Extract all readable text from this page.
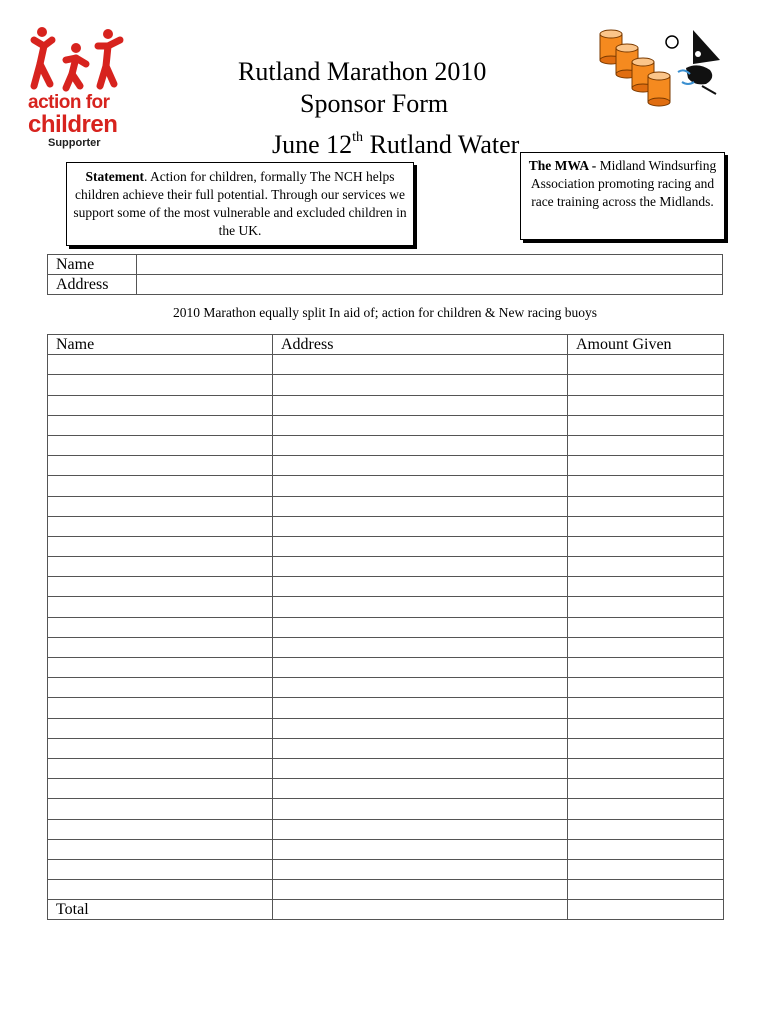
action for
children
Supporter
Rutland Marathon 2010
Sponsor Form
June 12th Rutland Water
Statement. Action for children, formally The NCH helps children achieve their full potential. Through our services we support some of the most vulnerable and excluded children in the UK.
The MWA - Midland Windsurfing Association promoting racing and race training across the Midlands.
Name	
Address	
2010 Marathon equally split In aid of; action for children & New racing buoys
Name	Address	Amount Given

Total		
